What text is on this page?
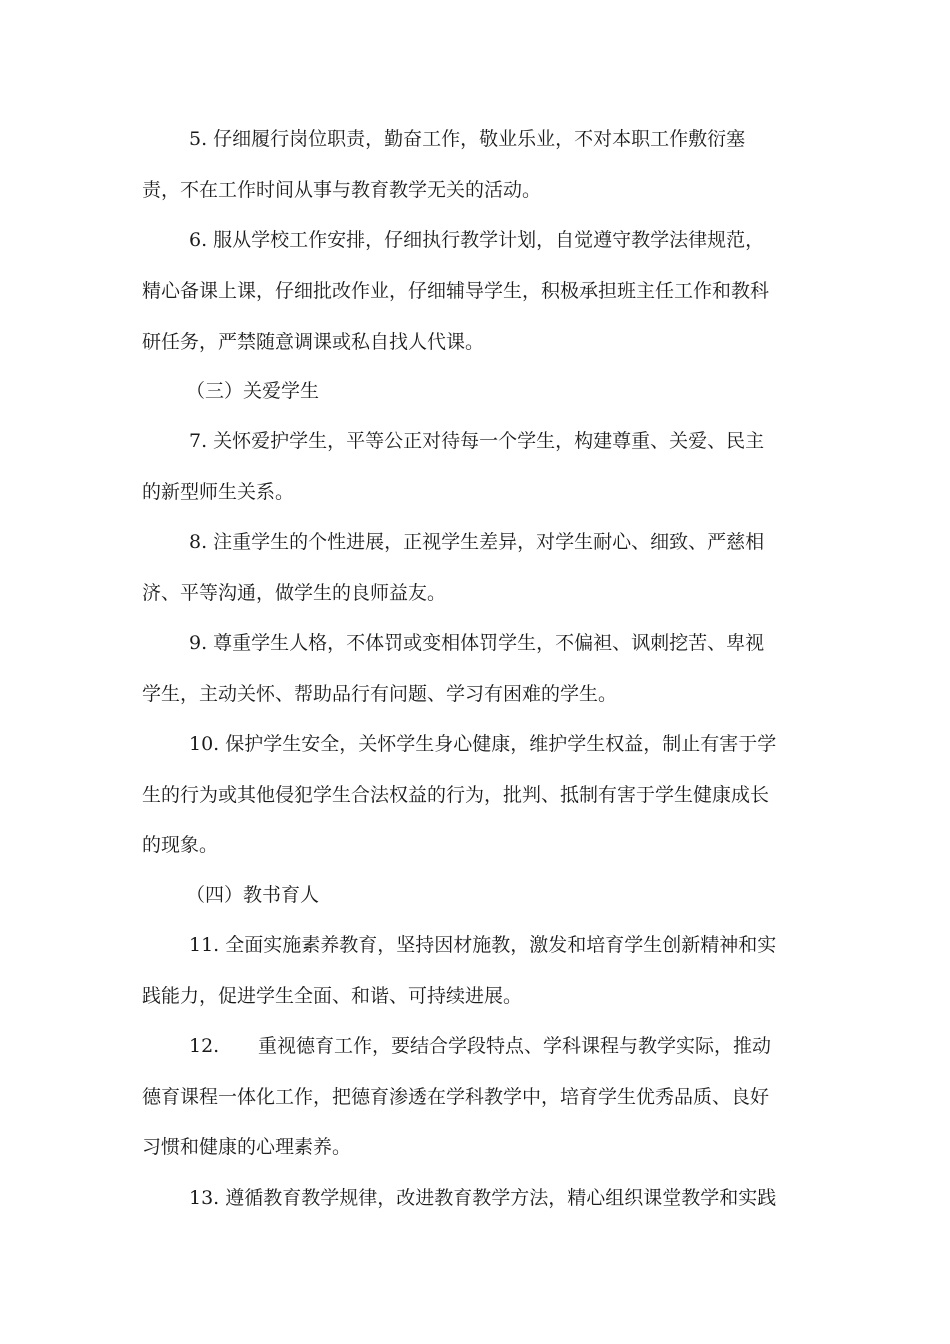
5. 仔细履行岗位职责，勤奋工作，敬业乐业，不对本职工作敷衍塞
责，不在工作时间从事与教育教学无关的活动。
6. 服从学校工作安排，仔细执行教学计划，自觉遵守教学法律规范，
精心备课上课，仔细批改作业，仔细辅导学生，积极承担班主任工作和教科
研任务，严禁随意调课或私自找人代课。
（三）关爱学生
7. 关怀爱护学生，平等公正对待每一个学生，构建尊重、关爱、民主
的新型师生关系。
8. 注重学生的个性进展，正视学生差异，对学生耐心、细致、严慈相
济、平等沟通，做学生的良师益友。
9. 尊重学生人格，不体罚或变相体罚学生，不偏袒、讽刺挖苦、卑视
学生，主动关怀、帮助品行有问题、学习有困难的学生。
10. 保护学生安全，关怀学生身心健康，维护学生权益，制止有害于学
生的行为或其他侵犯学生合法权益的行为，批判、抵制有害于学生健康成长
的现象。
（四）教书育人
11. 全面实施素养教育，坚持因材施教，激发和培育学生创新精神和实
践能力，促进学生全面、和谐、可持续进展。
12. 重视德育工作，要结合学段特点、学科课程与教学实际，推动
德育课程一体化工作，把德育渗透在学科教学中，培育学生优秀品质、良好
习惯和健康的心理素养。
13. 遵循教育教学规律，改进教育教学方法，精心组织课堂教学和实践
